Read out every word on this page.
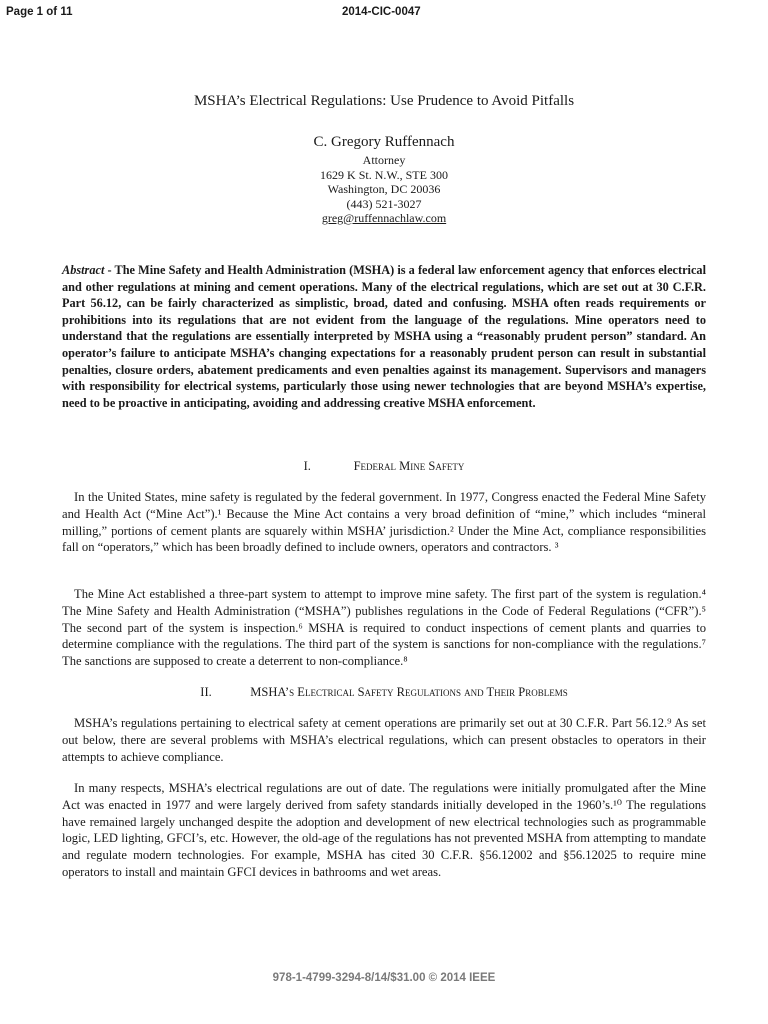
Page 1 of 11	2014-CIC-0047
MSHA’s Electrical Regulations: Use Prudence to Avoid Pitfalls
C. Gregory Ruffennach
Attorney
1629 K St. N.W., STE 300
Washington, DC 20036
(443) 521-3027
greg@ruffennachlaw.com
Abstract - The Mine Safety and Health Administration (MSHA) is a federal law enforcement agency that enforces electrical and other regulations at mining and cement operations. Many of the electrical regulations, which are set out at 30 C.F.R. Part 56.12, can be fairly characterized as simplistic, broad, dated and confusing. MSHA often reads requirements or prohibitions into its regulations that are not evident from the language of the regulations. Mine operators need to understand that the regulations are essentially interpreted by MSHA using a “reasonably prudent person” standard. An operator’s failure to anticipate MSHA’s changing expectations for a reasonably prudent person can result in substantial penalties, closure orders, abatement predicaments and even penalties against its management. Supervisors and managers with responsibility for electrical systems, particularly those using newer technologies that are beyond MSHA’s expertise, need to be proactive in anticipating, avoiding and addressing creative MSHA enforcement.
I.	Federal Mine Safety

In the United States, mine safety is regulated by the federal government. In 1977, Congress enacted the Federal Mine Safety and Health Act (“Mine Act”).¹ Because the Mine Act contains a very broad definition of “mine,” which includes “mineral milling,” portions of cement plants are squarely within MSHA’ jurisdiction.² Under the Mine Act, compliance responsibilities fall on “operators,” which has been broadly defined to include owners, operators and contractors. ³

The Mine Act established a three-part system to attempt to improve mine safety. The first part of the system is regulation.⁴ The Mine Safety and Health Administration (“MSHA”) publishes regulations in the Code of Federal Regulations (“CFR”).⁵ The second part of the system is inspection.⁶ MSHA is required to conduct inspections of cement plants and quarries to determine compliance with the regulations. The third part of the system is sanctions for non-compliance with the regulations.⁷ The sanctions are supposed to create a deterrent to non-compliance.⁸

II.	MSHA’s Electrical Safety Regulations and Their Problems

MSHA’s regulations pertaining to electrical safety at cement operations are primarily set out at 30 C.F.R. Part 56.12.⁹ As set out below, there are several problems with MSHA’s electrical regulations, which can present obstacles to operators in their attempts to achieve compliance.

In many respects, MSHA’s electrical regulations are out of date. The regulations were initially promulgated after the Mine Act was enacted in 1977 and were largely derived from safety standards initially developed in the 1960’s.¹⁰ The regulations have remained largely unchanged despite the adoption and development of new electrical technologies such as programmable logic, LED lighting, GFCI’s, etc. However, the old-age of the regulations has not prevented MSHA from attempting to mandate and regulate modern technologies. For example, MSHA has cited 30 C.F.R. §56.12002 and §56.12025 to require mine operators to install and maintain GFCI devices in bathrooms and wet areas.

978-1-4799-3294-8/14/$31.00 © 2014 IEEE
